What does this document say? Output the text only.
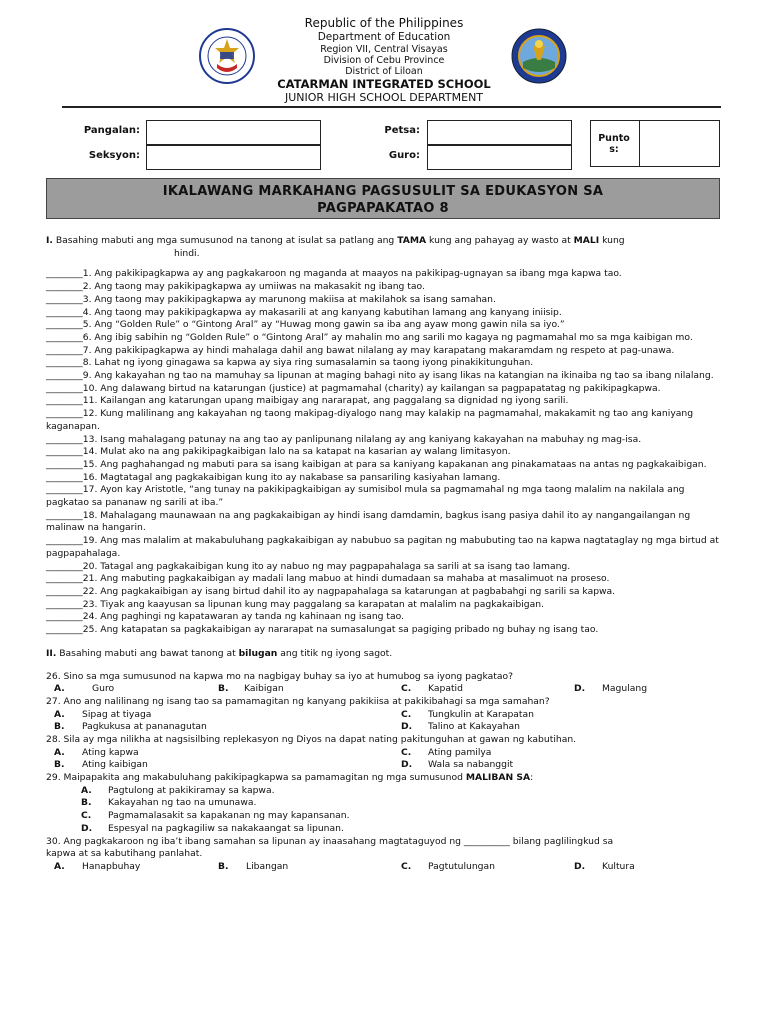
Republic of the Philippines
Department of Education
Region VII, Central Visayas
Division of Cebu Province
District of Liloan
CATARMAN INTEGRATED SCHOOL
JUNIOR HIGH SCHOOL DEPARTMENT
Pangalan:
Seksyon:
Petsa:
Guro:
Punto
s:
IKALAWANG MARKAHANG PAGSUSULIT SA EDUKASYON SA
PAGPAPAKATAO 8

I. Basahing mabuti ang mga sumusunod na tanong at isulat sa patlang ang TAMA kung ang pahayag ay wasto at MALI kung

hindi.

________1. Ang pakikipagkapwa ay ang pagkakaroon ng maganda at maayos na pakikipag-ugnayan sa ibang mga kapwa tao.

________2. Ang taong may pakikipagkapwa ay umiiwas na makasakit ng ibang tao.

________3. Ang taong may pakikipagkapwa ay marunong makiisa at makilahok sa isang samahan.

________4. Ang taong may pakikipagkapwa ay makasarili at ang kanyang kabutihan lamang ang kanyang iniisip.

________5. Ang “Golden Rule” o “Gintong Aral” ay “Huwag mong gawin sa iba ang ayaw mong gawin nila sa iyo.”

________6. Ang ibig sabihin ng “Golden Rule” o “Gintong Aral” ay mahalin mo ang sarili mo kagaya ng pagmamahal mo sa mga kaibigan mo.

________7. Ang pakikipagkapwa ay hindi mahalaga dahil ang bawat nilalang ay may karapatang makaramdam ng respeto at pag-unawa.

________8. Lahat ng iyong ginagawa sa kapwa ay siya ring sumasalamin sa taong iyong pinakikitunguhan.

________9. Ang kakayahan ng tao na mamuhay sa lipunan at maging bahagi nito ay isang likas na katangian na ikinaiba ng tao sa ibang nilalang.

________10. Ang dalawang birtud na katarungan (justice) at pagmamahal (charity) ay kailangan sa pagpapatatag ng pakikipagkapwa.

________11. Kailangan ang katarungan upang maibigay ang nararapat, ang paggalang sa dignidad ng iyong sarili.

________12. Kung malilinang ang kakayahan ng taong makipag-diyalogo nang may kalakip na pagmamahal, makakamit ng tao ang kaniyang kaganapan.

________13. Isang mahalagang patunay na ang tao ay panlipunang nilalang ay ang kaniyang kakayahan na mabuhay ng mag-isa.

________14. Mulat ako na ang pakikipagkaibigan lalo na sa katapat na kasarian ay walang limitasyon.

________15. Ang paghahangad ng mabuti para sa isang kaibigan at para sa kaniyang kapakanan ang pinakamataas na antas ng pagkakaibigan.

________16. Magtatagal ang pagkakaibigan kung ito ay nakabase sa pansariling kasiyahan lamang.

________17. Ayon kay Aristotle, “ang tunay na pakikipagkaibigan ay sumisibol mula sa pagmamahal ng mga taong malalim na nakilala ang pagkatao sa pananaw ng sarili at iba.”

________18. Mahalagang maunawaan na ang pagkakaibigan ay hindi isang damdamin, bagkus isang pasiya dahil ito ay nangangailangan ng malinaw na hangarin.

________19. Ang mas malalim at makabuluhang pagkakaibigan ay nabubuo sa pagitan ng mabubuting tao na kapwa nagtataglay ng mga birtud at pagpapahalaga.

________20. Tatagal ang pagkakaibigan kung ito ay nabuo ng may pagpapahalaga sa sarili at sa isang tao lamang.

________21. Ang mabuting pagkakaibigan ay madali lang mabuo at hindi dumadaan sa mahaba at masalimuot na proseso.

________22. Ang pagkakaibigan ay isang birtud dahil ito ay nagpapahalaga sa katarungan at pagbabahgi ng sarili sa kapwa.

________23. Tiyak ang kaayusan sa lipunan kung may paggalang sa karapatan at malalim na pagkakaibigan.

________24. Ang paghingi ng kapatawaran ay tanda ng kahinaan ng isang tao.

________25. Ang katapatan sa pagkakaibigan ay nararapat na sumasalungat sa pagiging pribado ng buhay ng isang tao.

II. Basahing mabuti ang bawat tanong at bilugan ang titik ng iyong sagot.

26. Sino sa mga sumusunod na kapwa mo na nagbigay buhay sa iyo at humubog sa iyong pagkatao?

A.	Guro	B. Kaibigan	C. Kapatid	D. Magulang

27. Ano ang nalilinang ng isang tao sa pamamagitan ng kanyang pakikiisa at pakikibahagi sa mga samahan?

A. Sipag at tiyaga	C. Tungkulin at Karapatan
B. Pagkukusa at pananagutan	D. Talino at Kakayahan

28. Sila ay mga nilikha at nagsisilbing replekasyon ng Diyos na dapat nating pakitunguhan at gawan ng kabutihan.

A. Ating kapwa	C. Ating pamilya
B. Ating kaibigan	D. Wala sa nabanggit

29. Maipapakita ang makabuluhang pakikipagkapwa sa pamamagitan ng mga sumusunod MALIBAN SA:

A. Pagtulong at pakikiramay sa kapwa.
B. Kakayahan ng tao na umunawa.
C. Pagmamalasakit sa kapakanan ng may kapansanan.
D. Espesyal na pagkagiliw sa nakakaangat sa lipunan.

30. Ang pagkakaroon ng iba’t ibang samahan sa lipunan ay inaasahang magtataguyod ng __________ bilang paglilingkud sa

kapwa at sa kabutihang panlahat.

A. Hanapbuhay	B. Libangan	C. Pagtutulungan	D. Kultura
